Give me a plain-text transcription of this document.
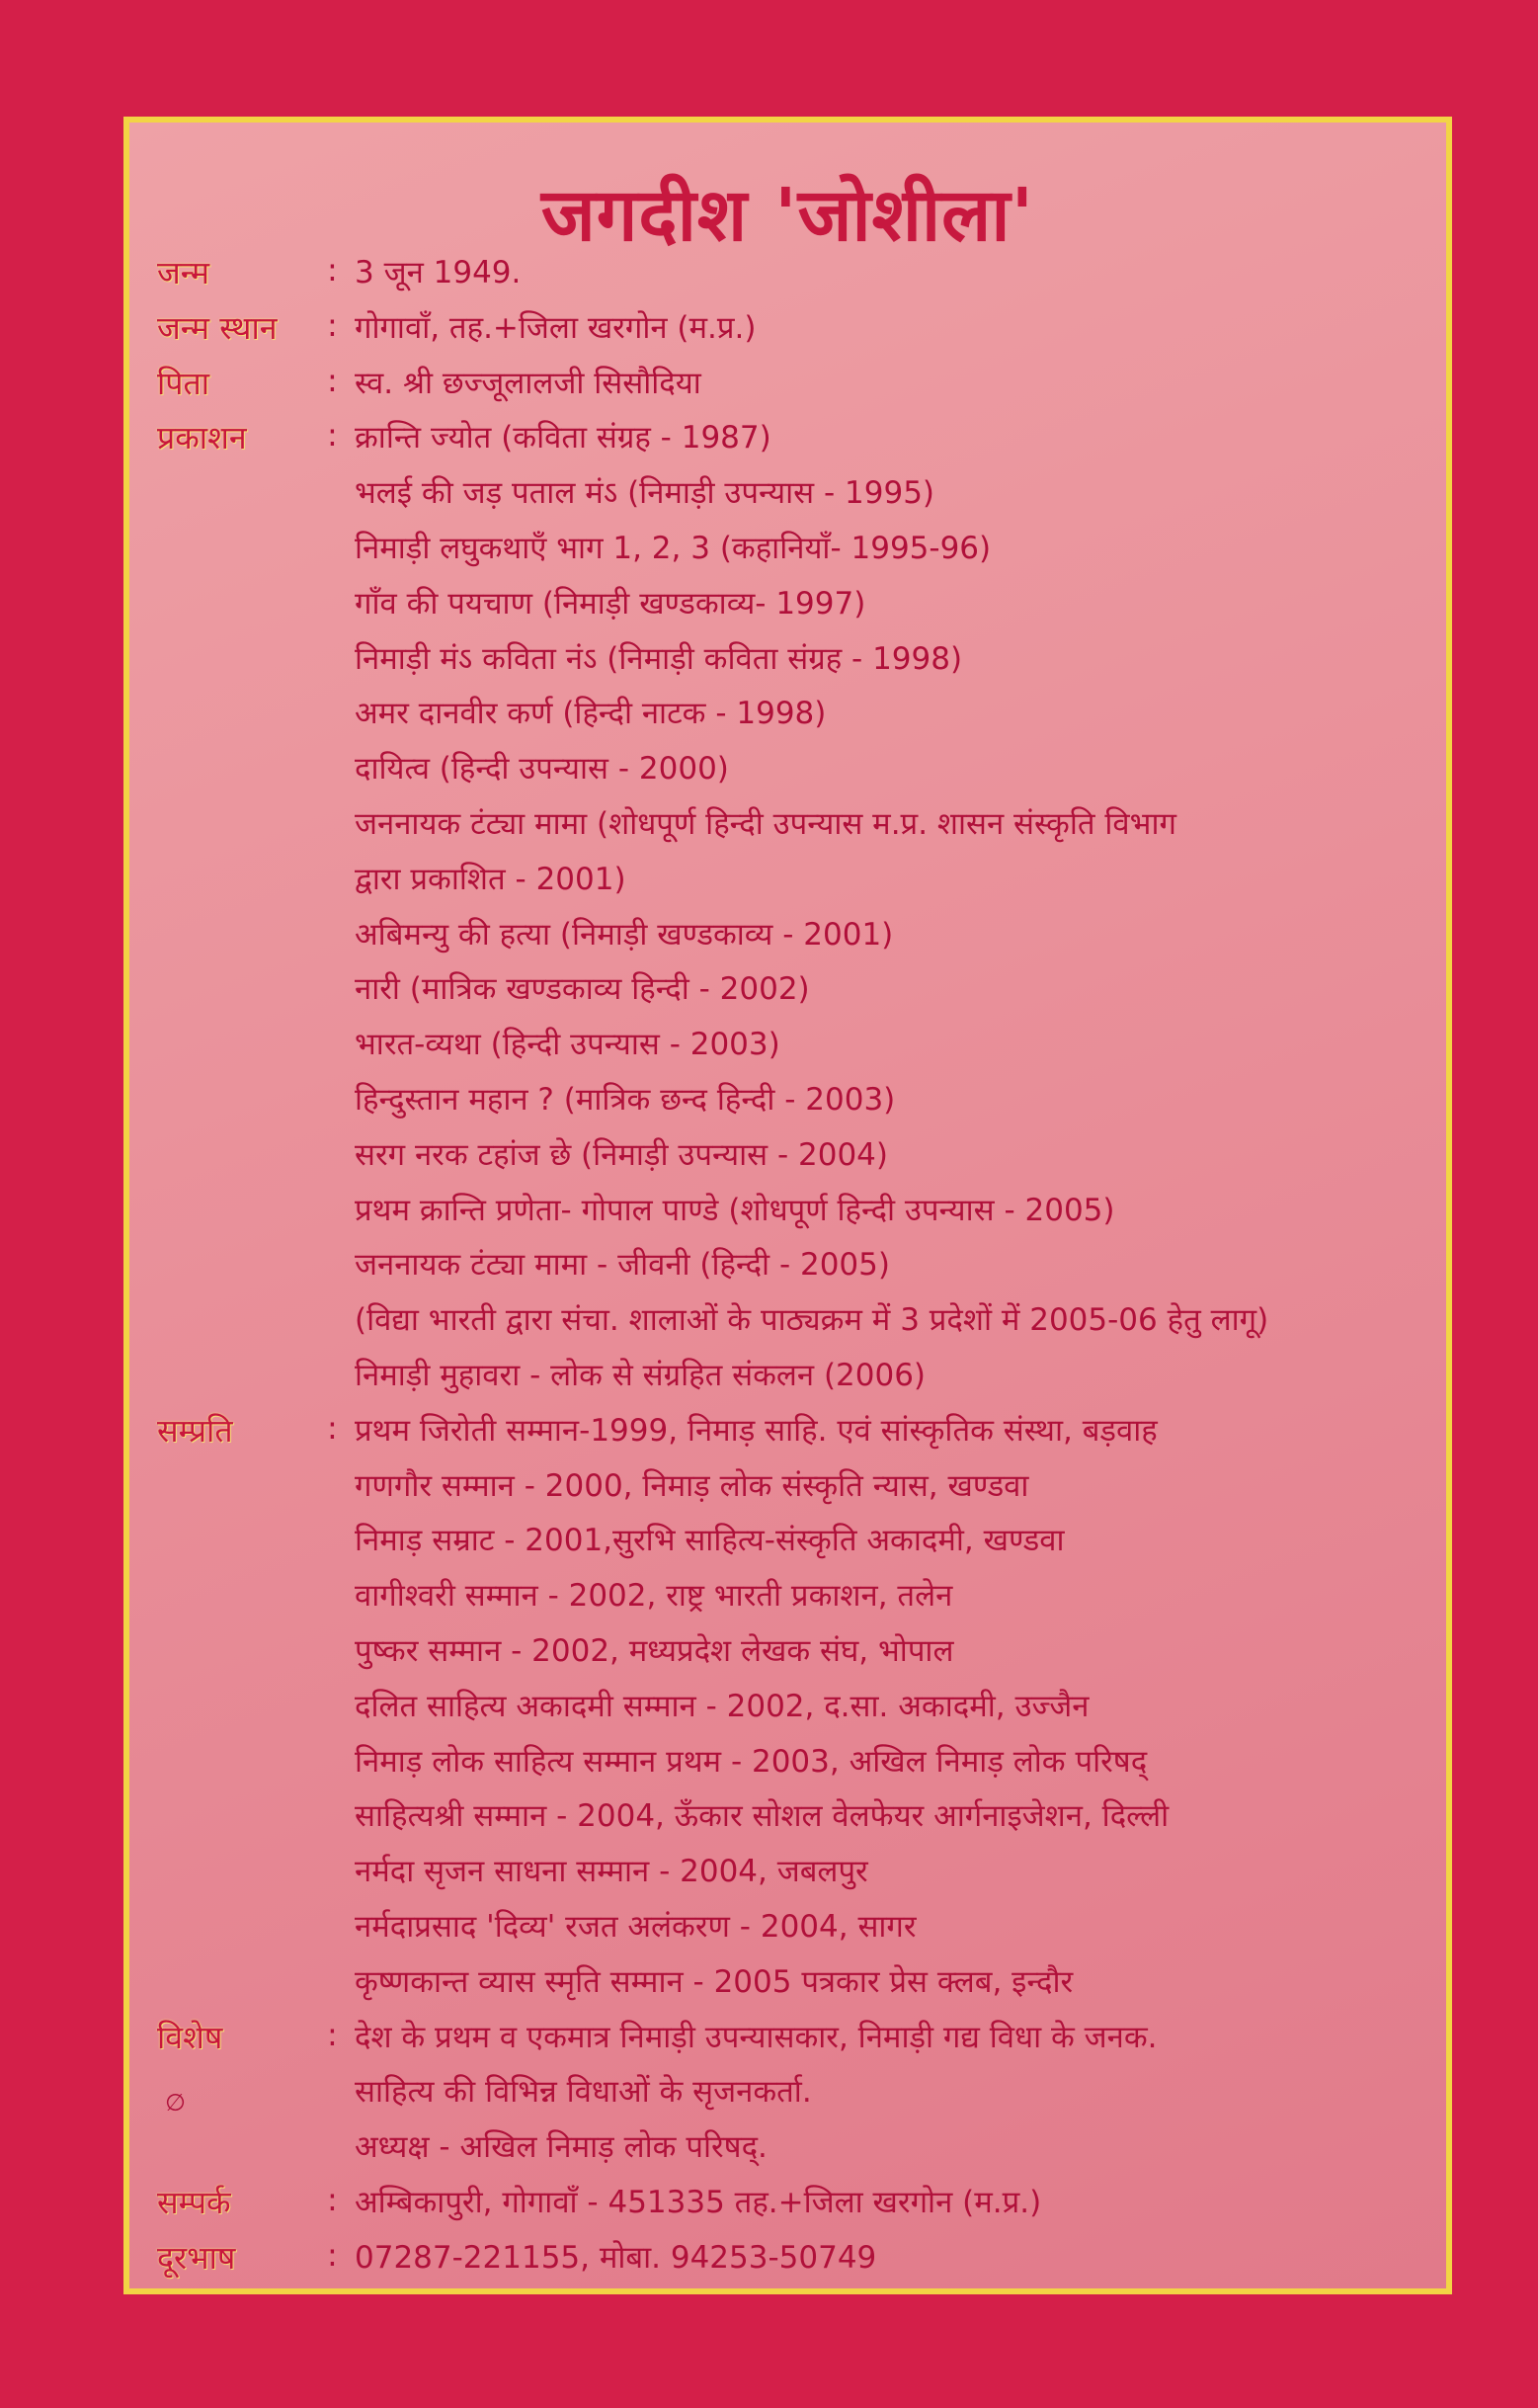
जगदीश 'जोशीला'
जन्म	: 3 जून 1949.
जन्म स्थान : गोगावाँ, तह.+जिला खरगोन (म.प्र.)
पिता	: स्व. श्री छज्जूलालजी सिसौदिया
प्रकाशन	: क्रान्ति ज्योत (कविता संग्रह - 1987)
भलई की जड़ पताल मंऽ (निमाड़ी उपन्यास - 1995)
निमाड़ी लघुकथाएँ भाग 1, 2, 3 (कहानियाँ- 1995-96)
गाँव की पयचाण (निमाड़ी खण्डकाव्य- 1997)
निमाड़ी मंऽ कविता नंऽ (निमाड़ी कविता संग्रह - 1998)
अमर दानवीर कर्ण (हिन्दी नाटक - 1998)
दायित्व (हिन्दी उपन्यास - 2000)
जननायक टंट्या मामा (शोधपूर्ण हिन्दी उपन्यास म.प्र. शासन संस्कृति विभाग
द्वारा प्रकाशित - 2001)
अबिमन्यु की हत्या (निमाड़ी खण्डकाव्य - 2001)
नारी (मात्रिक खण्डकाव्य हिन्दी - 2002)
भारत-व्यथा (हिन्दी उपन्यास - 2003)
हिन्दुस्तान महान ? (मात्रिक छन्द हिन्दी - 2003)
सरग नरक टहांज छे (निमाड़ी उपन्यास - 2004)
प्रथम क्रान्ति प्रणेता- गोपाल पाण्डे (शोधपूर्ण हिन्दी उपन्यास - 2005)
जननायक टंट्या मामा - जीवनी (हिन्दी - 2005)
(विद्या भारती द्वारा संचा. शालाओं के पाठ्यक्रम में 3 प्रदेशों में 2005-06 हेतु लागू)
निमाड़ी मुहावरा - लोक से संग्रहित संकलन (2006)
सम्प्रति	: प्रथम जिरोती सम्मान-1999, निमाड़ साहि. एवं सांस्कृतिक संस्था, बड़वाह
गणगौर सम्मान - 2000, निमाड़ लोक संस्कृति न्यास, खण्डवा
निमाड़ सम्राट - 2001,सुरभि साहित्य-संस्कृति अकादमी, खण्डवा
वागीश्वरी सम्मान - 2002, राष्ट्र भारती प्रकाशन, तलेन
पुष्कर सम्मान - 2002, मध्यप्रदेश लेखक संघ, भोपाल
दलित साहित्य अकादमी सम्मान - 2002, द.सा. अकादमी, उज्जैन
निमाड़ लोक साहित्य सम्मान प्रथम - 2003, अखिल निमाड़ लोक परिषद्
साहित्यश्री सम्मान - 2004, ऊँकार सोशल वेलफेयर आर्गनाइजेशन, दिल्ली
नर्मदा सृजन साधना सम्मान - 2004, जबलपुर
नर्मदाप्रसाद 'दिव्य' रजत अलंकरण - 2004, सागर
कृष्णकान्त व्यास स्मृति सम्मान - 2005 पत्रकार प्रेस क्लब, इन्दौर
विशेष	: देश के प्रथम व एकमात्र निमाड़ी उपन्यासकार, निमाड़ी गद्य विधा के जनक.
साहित्य की विभिन्न विधाओं के सृजनकर्ता.
अध्यक्ष - अखिल निमाड़ लोक परिषद्.
सम्पर्क	: अम्बिकापुरी, गोगावाँ - 451335 तह.+जिला खरगोन (म.प्र.)
दूरभाष	: 07287-221155, मोबा. 94253-50749
∅
